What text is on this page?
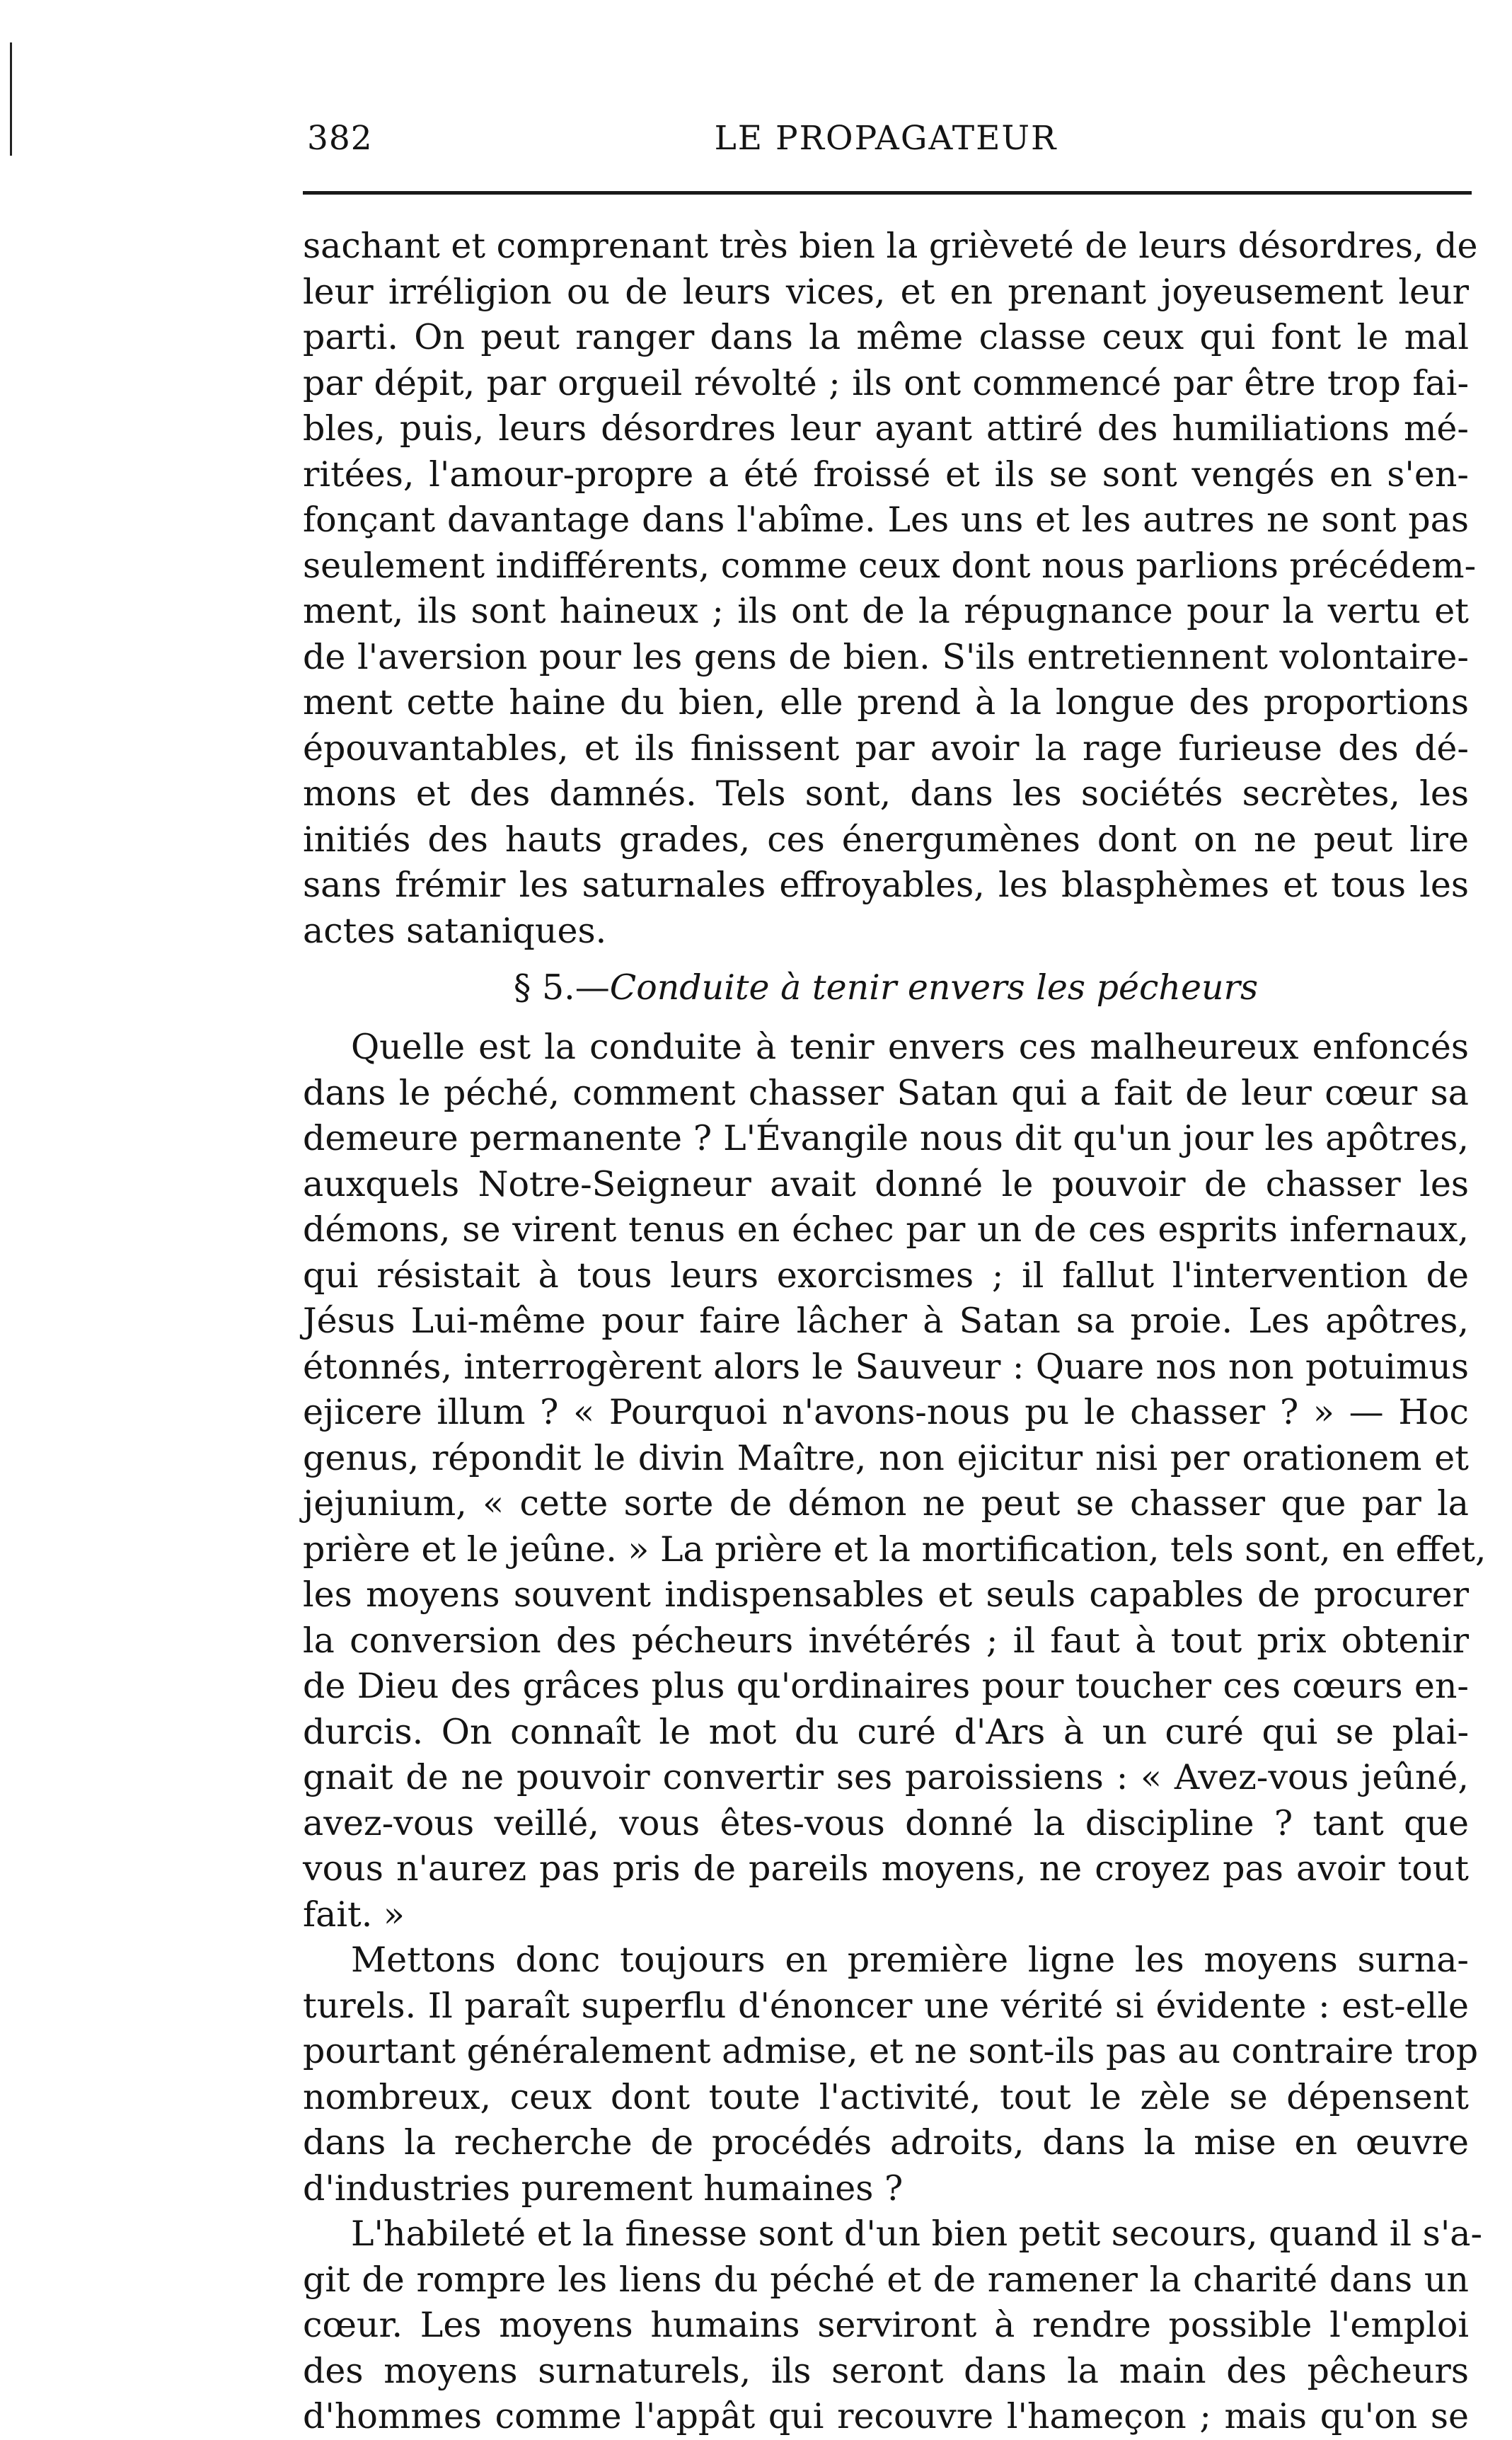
382	LE PROPAGATEUR
sachant et comprenant très bien la grièveté de leurs désordres, de
leur irréligion ou de leurs vices, et en prenant joyeusement leur
parti. On peut ranger dans la même classe ceux qui font le mal
par dépit, par orgueil révolté ; ils ont commencé par être trop fai-
bles, puis, leurs désordres leur ayant attiré des humiliations mé-
ritées, l'amour-propre a été froissé et ils se sont vengés en s'en-
fonçant davantage dans l'abîme. Les uns et les autres ne sont pas
seulement indifférents, comme ceux dont nous parlions précédem-
ment, ils sont haineux ; ils ont de la répugnance pour la vertu et
de l'aversion pour les gens de bien. S'ils entretiennent volontaire-
ment cette haine du bien, elle prend à la longue des proportions
épouvantables, et ils finissent par avoir la rage furieuse des dé-
mons et des damnés. Tels sont, dans les sociétés secrètes, les
initiés des hauts grades, ces énergumènes dont on ne peut lire
sans frémir les saturnales effroyables, les blasphèmes et tous les
actes sataniques.
§ 5.—Conduite à tenir envers les pécheurs
Quelle est la conduite à tenir envers ces malheureux enfoncés
dans le péché, comment chasser Satan qui a fait de leur cœur sa
demeure permanente ? L'Évangile nous dit qu'un jour les apôtres,
auxquels Notre-Seigneur avait donné le pouvoir de chasser les
démons, se virent tenus en échec par un de ces esprits infernaux,
qui résistait à tous leurs exorcismes ; il fallut l'intervention de
Jésus Lui-même pour faire lâcher à Satan sa proie. Les apôtres,
étonnés, interrogèrent alors le Sauveur : Quare nos non potuimus
ejicere illum ? « Pourquoi n'avons-nous pu le chasser ? » — Hoc
genus, répondit le divin Maître, non ejicitur nisi per orationem et
jejunium, « cette sorte de démon ne peut se chasser que par la
prière et le jeûne. » La prière et la mortification, tels sont, en effet,
les moyens souvent indispensables et seuls capables de procurer
la conversion des pécheurs invétérés ; il faut à tout prix obtenir
de Dieu des grâces plus qu'ordinaires pour toucher ces cœurs en-
durcis. On connaît le mot du curé d'Ars à un curé qui se plai-
gnait de ne pouvoir convertir ses paroissiens : « Avez-vous jeûné,
avez-vous veillé, vous êtes-vous donné la discipline ? tant que
vous n'aurez pas pris de pareils moyens, ne croyez pas avoir tout
fait. »
Mettons donc toujours en première ligne les moyens surna-
turels. Il paraît superflu d'énoncer une vérité si évidente : est-elle
pourtant généralement admise, et ne sont-ils pas au contraire trop
nombreux, ceux dont toute l'activité, tout le zèle se dépensent
dans la recherche de procédés adroits, dans la mise en œuvre
d'industries purement humaines ?
L'habileté et la finesse sont d'un bien petit secours, quand il s'a-
git de rompre les liens du péché et de ramener la charité dans un
cœur. Les moyens humains serviront à rendre possible l'emploi
des moyens surnaturels, ils seront dans la main des pêcheurs
d'hommes comme l'appât qui recouvre l'hameçon ; mais qu'on se
